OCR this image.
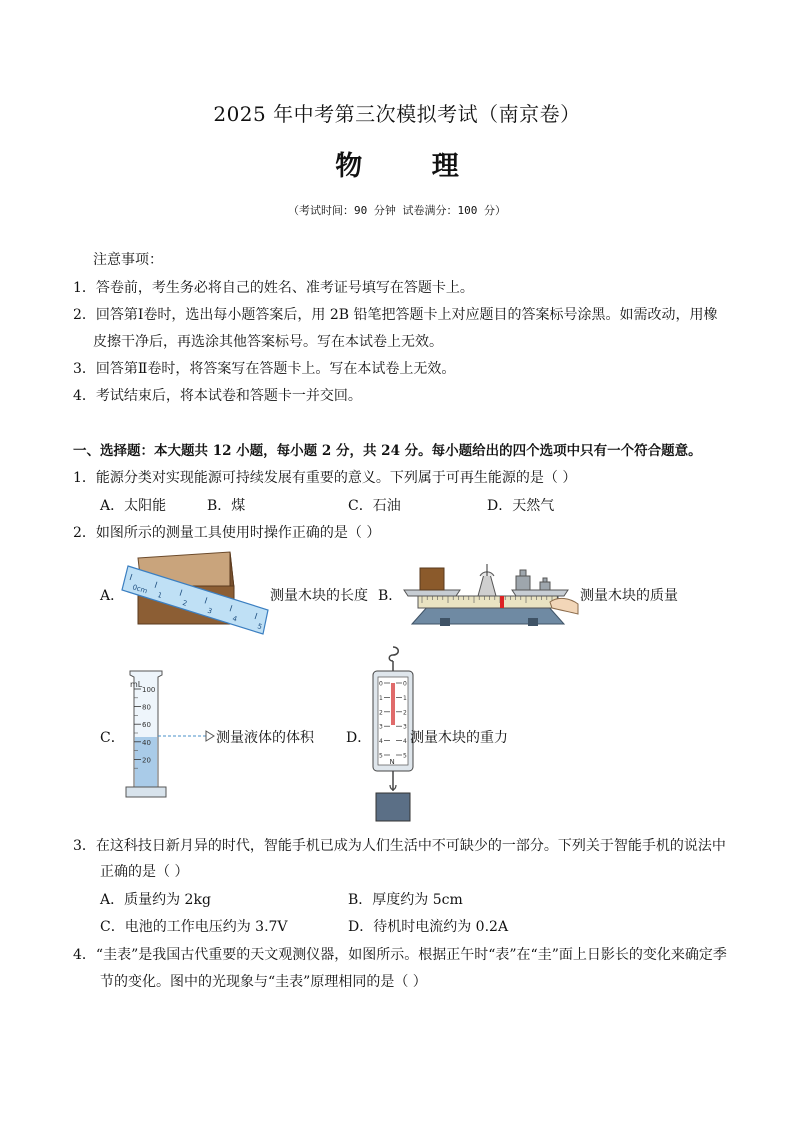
2025 年中考第三次模拟考试（南京卷）
物 理
（考试时间：90 分钟 试卷满分：100 分）
注意事项：
1．答卷前，考生务必将自己的姓名、准考证号填写在答题卡上。
2．回答第Ⅰ卷时，选出每小题答案后，用 2B 铅笔把答题卡上对应题目的答案标号涂黑。如需改动，用橡
皮擦干净后，再选涂其他答案标号。写在本试卷上无效。
3．回答第Ⅱ卷时，将答案写在答题卡上。写在本试卷上无效。
4．考试结束后，将本试卷和答题卡一并交回。
一、选择题：本大题共 12 小题，每小题 2 分，共 24 分。每小题给出的四个选项中只有一个符合题意。
1．能源分类对实现能源可持续发展有重要的意义。下列属于可再生能源的是（ ）
A．太阳能	B．煤	C．石油	D．天然气
2．如图所示的测量工具使用时操作正确的是（ ）
A． 0cm
1
2
3
4
5
测量木块的长度 B．	测量木块的质量
C．
mL
100
80
60
40
20
测量液体的体积 D．
0	0
1	1
2	2
3	3
4	4
5	5
N
测量木块的重力
3．在这科技日新月异的时代，智能手机已成为人们生活中不可缺少的一部分。下列关于智能手机的说法中
正确的是（ ）
A．质量约为 2kg	B．厚度约为 5cm
C．电池的工作电压约为 3.7V	D．待机时电流约为 0.2A
4．“圭表”是我国古代重要的天文观测仪器，如图所示。根据正午时“表”在“圭”面上日影长的变化来确定季
节的变化。图中的光现象与“圭表”原理相同的是（ ）
